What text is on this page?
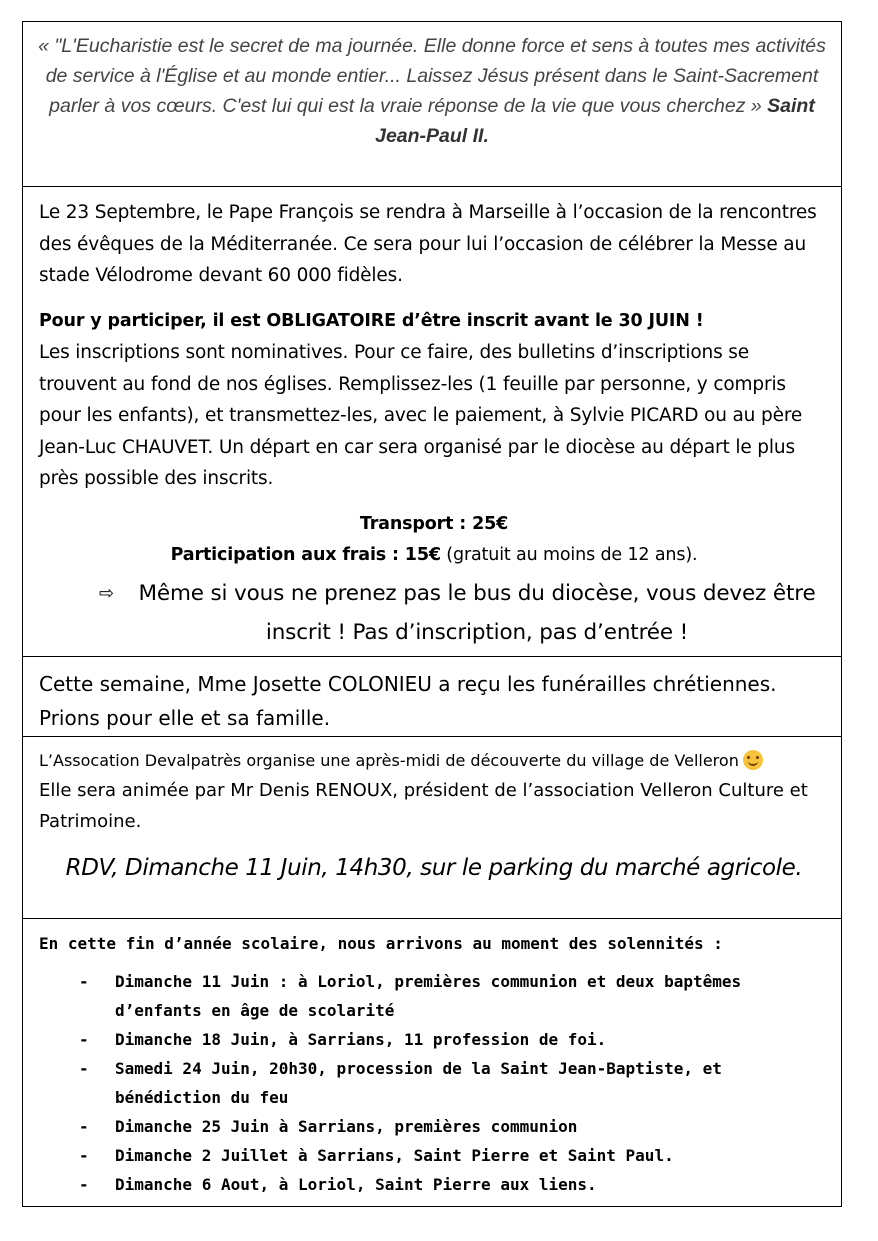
« "L'Eucharistie est le secret de ma journée. Elle donne force et sens à toutes mes activités de service à l'Église et au monde entier... Laissez Jésus présent dans le Saint-Sacrement parler à vos cœurs. C'est lui qui est la vraie réponse de la vie que vous cherchez » Saint Jean-Paul II.

Le 23 Septembre, le Pape François se rendra à Marseille à l’occasion de la rencontres des évêques de la Méditerranée. Ce sera pour lui l’occasion de célébrer la Messe au stade Vélodrome devant 60 000 fidèles.

Pour y participer, il est OBLIGATOIRE d’être inscrit avant le 30 JUIN !

Les inscriptions sont nominatives. Pour ce faire, des bulletins d’inscriptions se trouvent au fond de nos églises. Remplissez-les (1 feuille par personne, y compris pour les enfants), et transmettez-les, avec le paiement, à Sylvie PICARD ou au père Jean-Luc CHAUVET. Un départ en car sera organisé par le diocèse au départ le plus près possible des inscrits.

Transport : 25€

Participation aux frais : 15€ (gratuit au moins de 12 ans).

⇨	Même si vous ne prenez pas le bus du diocèse, vous devez être inscrit ! Pas d’inscription, pas d’entrée !
Cette semaine, Mme Josette COLONIEU a reçu les funérailles chrétiennes. Prions pour elle et sa famille.
L’Assocation Devalpatrès organise une après-midi de découverte du village de Velleron
Elle sera animée par Mr Denis RENOUX, président de l’association Velleron Culture et Patrimoine.
RDV, Dimanche 11 Juin, 14h30, sur le parking du marché agricole.
En cette fin d’année scolaire, nous arrivons au moment des solennités :
-	Dimanche 11 Juin : à Loriol, premières communion et deux baptêmes d’enfants en âge de scolarité
-	Dimanche 18 Juin, à Sarrians, 11 profession de foi.
-	Samedi 24 Juin, 20h30, procession de la Saint Jean-Baptiste, et bénédiction du feu
-	Dimanche 25 Juin à Sarrians, premières communion
-	Dimanche 2 Juillet à Sarrians, Saint Pierre et Saint Paul.
-	Dimanche 6 Aout, à Loriol, Saint Pierre aux liens.
